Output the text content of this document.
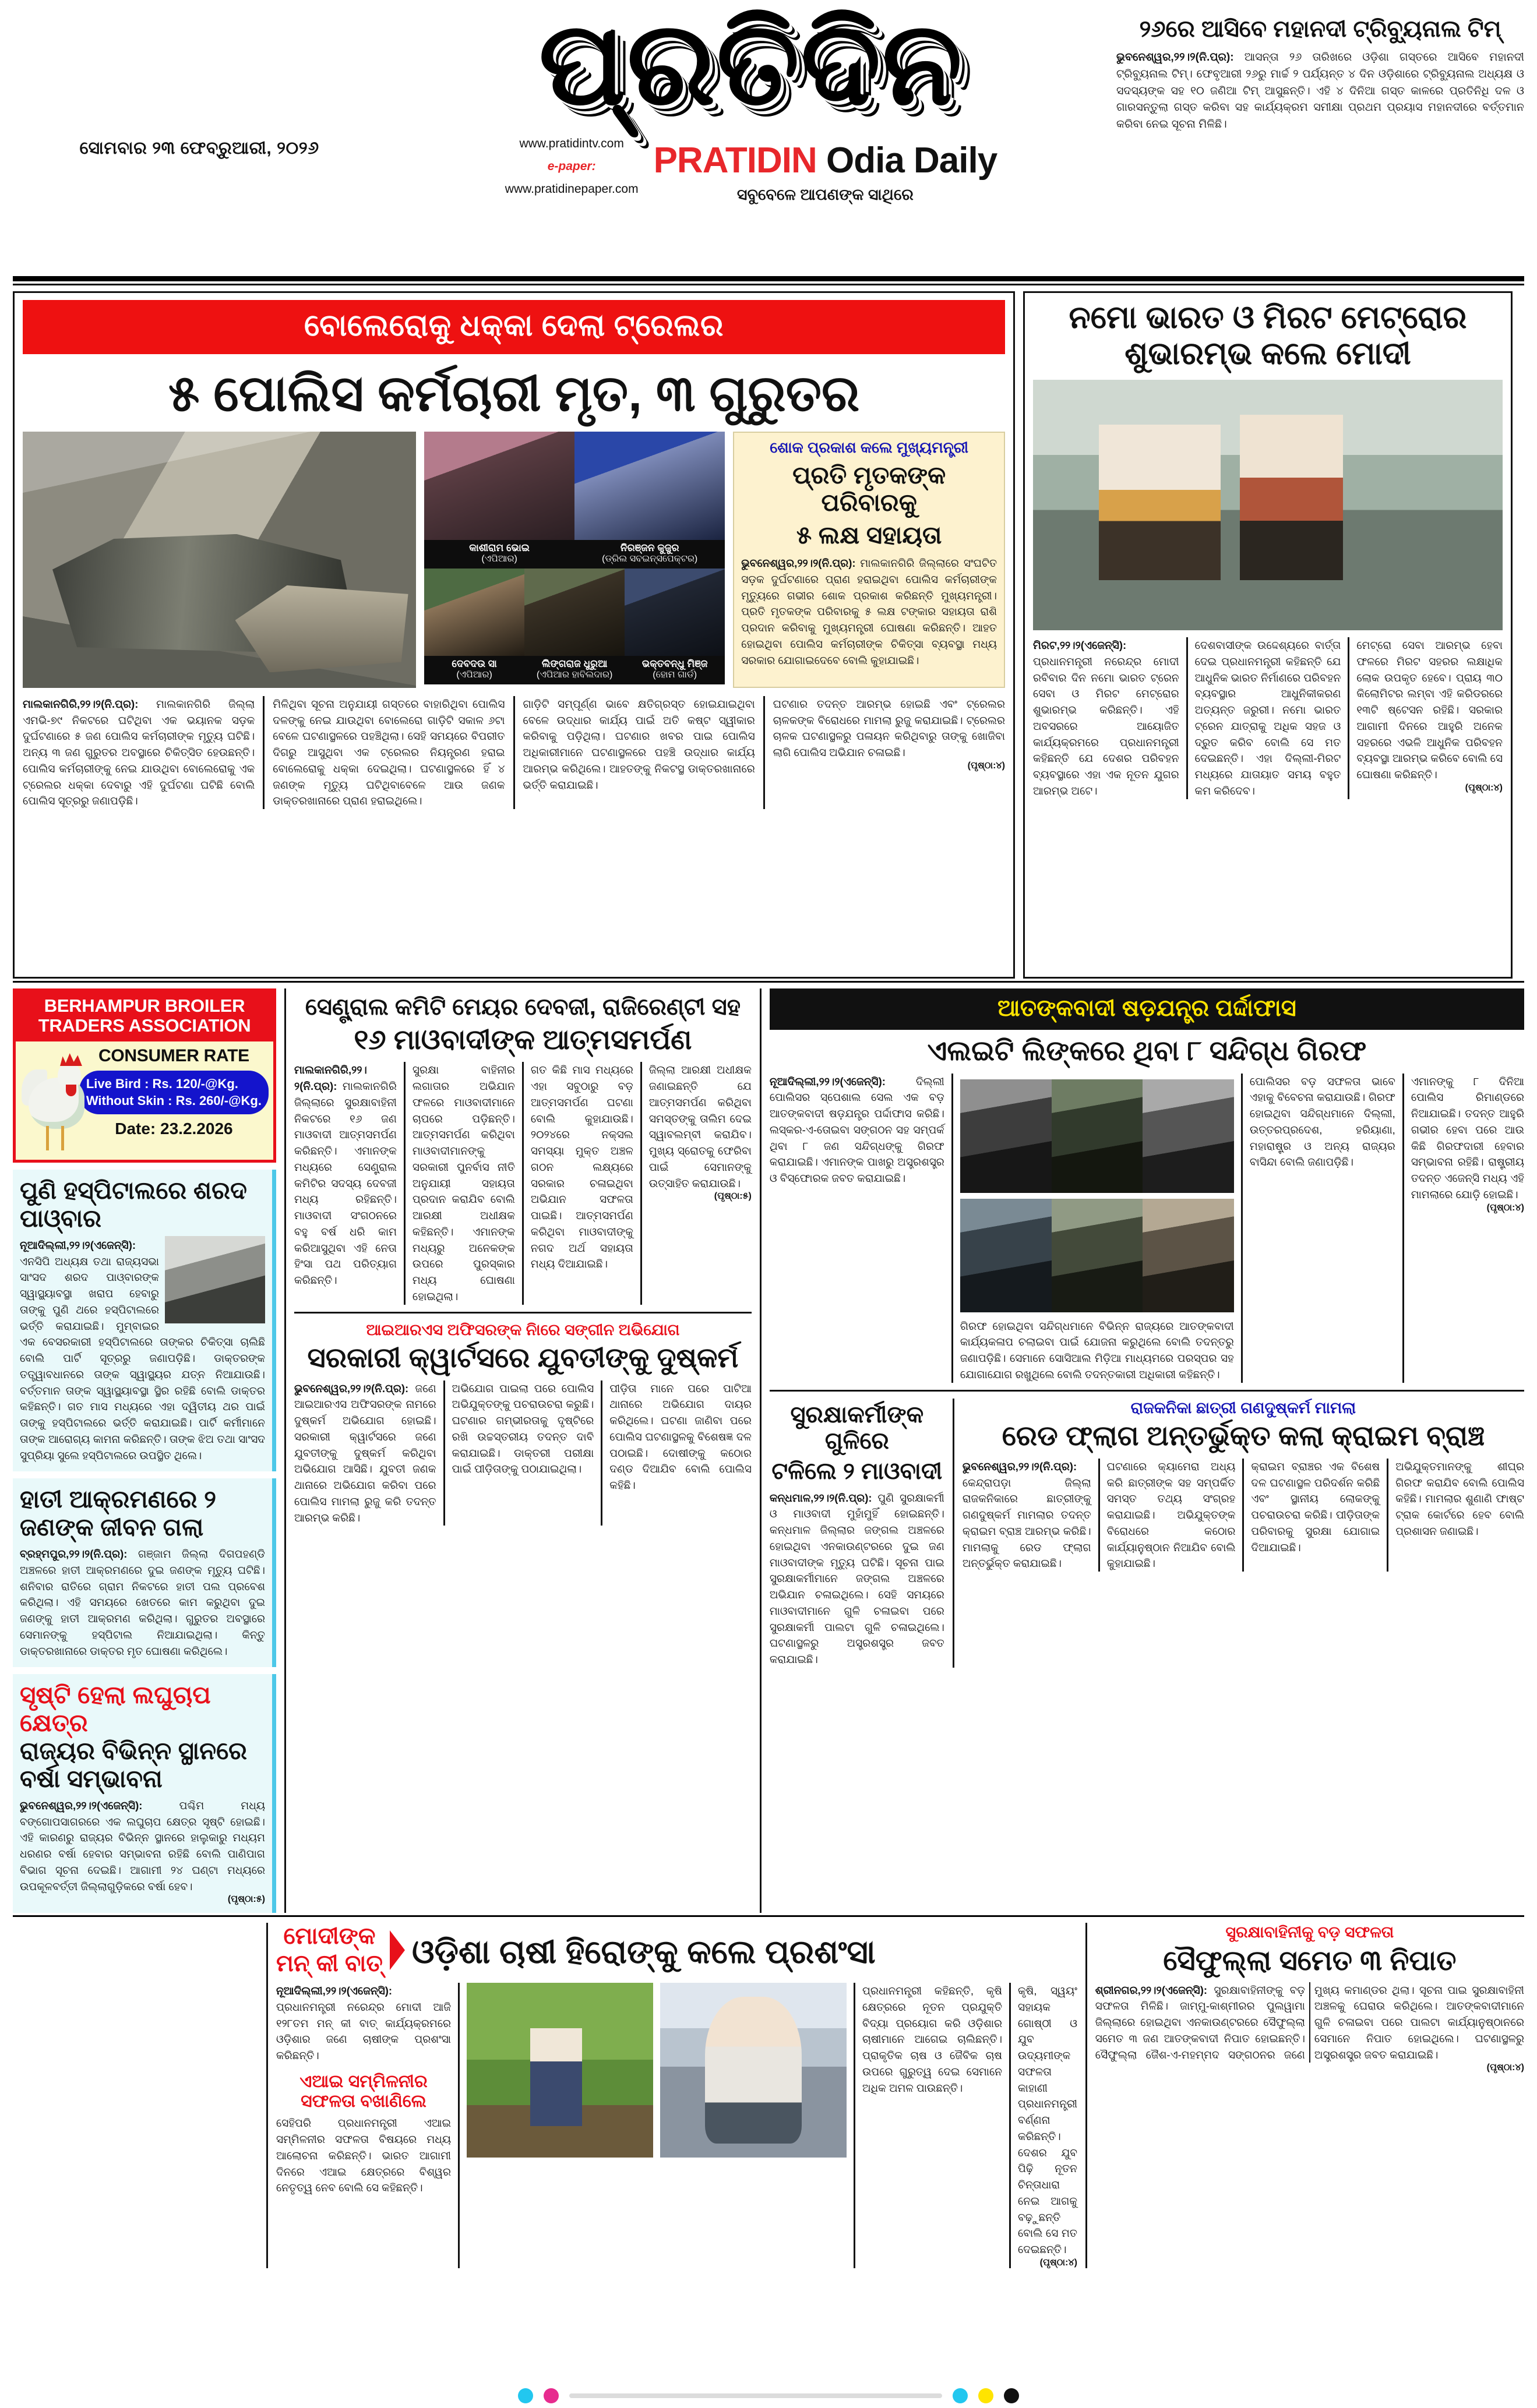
ସୋମବାର ୨୩ ଫେବ୍ରୁଆରୀ, ୨୦୨୬
ପ୍ରତିଦିନ
www.pratidintv.com
e-paper:
www.pratidinepaper.com
PRATIDIN Odia Daily
ସବୁବେଳେ ଆପଣଙ୍କ ସାଥିରେ
୨୬ରେ ଆସିବେ ମହାନଦୀ ଟ୍ରିବ୍ୟୁନାଲ ଟିମ୍
ଭୁବନେଶ୍ୱର,୨୨।୨(ନି.ପ୍ର): ଆସନ୍ତା ୨୬ ତାରିଖରେ ଓଡ଼ିଶା ଗସ୍ତରେ ଆସିବେ ମହାନଦୀ ଟ୍ରିବ୍ୟୁନାଲ ଟିମ୍। ଫେବୃଆରୀ ୨୬ରୁ ମାର୍ଚ୍ଚ ୨ ପର୍ଯ୍ୟନ୍ତ ୪ ଦିନ ଓଡ଼ିଶାରେ ଟ୍ରିବ୍ୟୁନାଲ ଅଧ୍ୟକ୍ଷ ଓ ସଦସ୍ୟଙ୍କ ସହ ୧୦ ଜଣିଆ ଟିମ୍ ଆସୁଛନ୍ତି। ଏହି ୪ ଦିନିଆ ଗସ୍ତ କାଳରେ ପ୍ରତିନିଧି ଦଳ ଓ ଗାରସନ୍ତୁଲା ଗସ୍ତ କରିବା ସହ କାର୍ଯ୍ୟକ୍ରମ ସମୀକ୍ଷା ପ୍ରଥମ ପ୍ରୟାସ ମହାନଦୀରେ ବର୍ତ୍ତମାନ କରିବା ନେଇ ସୂଚନା ମିଳିଛି।
ବୋଲେରୋକୁ ଧକ୍କା ଦେଲା ଟ୍ରେଲର
୫ ପୋଲିସ କର୍ମଚାରୀ ମୃତ, ୩ ଗୁରୁତର
କାଶୀରାମ ଭୋଇ
(ଏପିଆର)
ନିରଞ୍ଜନ କୁଜୁର
(ଡ୍ରିଲ ସବଇନ୍ସପେକ୍ଟର)
ଦେବଦଉ ସା
(ଏପିଆର)
ଲିଙ୍ଗରାଜ ଧୁରୁଆ
(ଏପିଆର ହାବିଲଦାର)
ଭକ୍ତବନ୍ଧୁ ମିଞ୍ଜ
(ହୋମ ଗାର୍ଡ)
ଶୋକ ପ୍ରକାଶ କଲେ ମୁଖ୍ୟମନ୍ତ୍ରୀ
ପ୍ରତି ମୃତକଙ୍କ ପରିବାରକୁ
୫ ଲକ୍ଷ ସହାୟତା
ଭୁବନେଶ୍ୱର,୨୨।୨(ନି.ପ୍ର): ମାଲକାନଗିରି ଜିଲ୍ଲାରେ ସଂଘଟିତ ସଡ଼କ ଦୁର୍ଘଟଣାରେ ପ୍ରାଣ ହରାଇଥିବା ପୋଲିସ କର୍ମଚାରୀଙ୍କ ମୃତ୍ୟୁରେ ଗଭୀର ଶୋକ ପ୍ରକାଶ କରିଛନ୍ତି ମୁଖ୍ୟମନ୍ତ୍ରୀ। ପ୍ରତି ମୃତକଙ୍କ ପରିବାରକୁ ୫ ଲକ୍ଷ ଟଙ୍କାର ସହାୟତା ରାଶି ପ୍ରଦାନ କରିବାକୁ ମୁଖ୍ୟମନ୍ତ୍ରୀ ଘୋଷଣା କରିଛନ୍ତି। ଆହତ ହୋଇଥିବା ପୋଲିସ କର୍ମଚାରୀଙ୍କ ଚିକିତ୍ସା ବ୍ୟବସ୍ଥା ମଧ୍ୟ ସରକାର ଯୋଗାଇଦେବେ ବୋଲି କୁହାଯାଇଛି।
ମାଲକାନଗିରି,୨୨।୨(ନି.ପ୍ର): ମାଲକାନଗିରି ଜିଲ୍ଲା ଏମଭି-୭୯ ନିକଟରେ ଘଟିଥିବା ଏକ ଭୟାନକ ସଡ଼କ ଦୁର୍ଘଟଣାରେ ୫ ଜଣ ପୋଲିସ କର୍ମଚାରୀଙ୍କ ମୃତ୍ୟୁ ଘଟିଛି। ଅନ୍ୟ ୩ ଜଣ ଗୁରୁତର ଅବସ୍ଥାରେ ଚିକିତ୍ସିତ ହେଉଛନ୍ତି। ପୋଲିସ କର୍ମଚାରୀଙ୍କୁ ନେଇ ଯାଉଥିବା ବୋଲେରୋକୁ ଏକ ଟ୍ରେଲର ଧକ୍କା ଦେବାରୁ ଏହି ଦୁର୍ଘଟଣା ଘଟିଛି ବୋଲି ପୋଲିସ ସୂତ୍ରରୁ ଜଣାପଡ଼ିଛି।
ମିଳିଥିବା ସୂଚନା ଅନୁଯାୟୀ ଗସ୍ତରେ ବାହାରିଥିବା ପୋଲିସ ଦଳଙ୍କୁ ନେଇ ଯାଉଥିବା ବୋଲେରୋ ଗାଡ଼ିଟି ସକାଳ ୬ଟା ବେଳେ ଘଟଣାସ୍ଥଳରେ ପହଞ୍ଚିଥିଲା। ସେହି ସମୟରେ ବିପରୀତ ଦିଗରୁ ଆସୁଥିବା ଏକ ଟ୍ରେଲର ନିୟନ୍ତ୍ରଣ ହରାଇ ବୋଲେରୋକୁ ଧକ୍କା ଦେଇଥିଲା। ଘଟଣାସ୍ଥଳରେ ହିଁ ୪ ଜଣଙ୍କ ମୃତ୍ୟୁ ଘଟିଥିବାବେଳେ ଆଉ ଜଣକ ଡାକ୍ତରଖାନାରେ ପ୍ରାଣ ହରାଇଥିଲେ।
ଗାଡ଼ିଟି ସମ୍ପୂର୍ଣ୍ଣ ଭାବେ କ୍ଷତିଗ୍ରସ୍ତ ହୋଇଯାଇଥିବା ବେଳେ ଉଦ୍ଧାର କାର୍ଯ୍ୟ ପାଇଁ ଅତି କଷ୍ଟ ସ୍ୱୀକାର କରିବାକୁ ପଡ଼ିଥିଲା। ଘଟଣାର ଖବର ପାଇ ପୋଲିସ ଅଧିକାରୀମାନେ ଘଟଣାସ୍ଥଳରେ ପହଞ୍ଚି ଉଦ୍ଧାର କାର୍ଯ୍ୟ ଆରମ୍ଭ କରିଥିଲେ। ଆହତଙ୍କୁ ନିକଟସ୍ଥ ଡାକ୍ତରଖାନାରେ ଭର୍ତ୍ତି କରାଯାଇଛି।
ଘଟଣାର ତଦନ୍ତ ଆରମ୍ଭ ହୋଇଛି ଏବଂ ଟ୍ରେଲର ଚାଳକଙ୍କ ବିରୋଧରେ ମାମଲା ରୁଜୁ କରାଯାଇଛି। ଟ୍ରେଲର ଚାଳକ ଘଟଣାସ୍ଥଳରୁ ପଳାୟନ କରିଥିବାରୁ ତାଙ୍କୁ ଖୋଜିବା ଲାଗି ପୋଲିସ ଅଭିଯାନ ଚଳାଇଛି।
(ପୃଷ୍ଠା:୪)
ନମୋ ଭାରତ ଓ ମିରଟ ମେଟ୍ରୋର ଶୁଭାରମ୍ଭ କଲେ ମୋଦୀ
ମିରଟ,୨୨।୨(ଏଜେନ୍ସି): ପ୍ରଧାନମନ୍ତ୍ରୀ ନରେନ୍ଦ୍ର ମୋଦୀ ରବିବାର ଦିନ ନମୋ ଭାରତ ଟ୍ରେନ ସେବା ଓ ମିରଟ ମେଟ୍ରୋର ଶୁଭାରମ୍ଭ କରିଛନ୍ତି। ଏହି ଅବସରରେ ଆୟୋଜିତ କାର୍ଯ୍ୟକ୍ରମରେ ପ୍ରଧାନମନ୍ତ୍ରୀ କହିଛନ୍ତି ଯେ ଦେଶର ପରିବହନ ବ୍ୟବସ୍ଥାରେ ଏହା ଏକ ନୂତନ ଯୁଗର ଆରମ୍ଭ ଅଟେ।
ଦେଶବାସୀଙ୍କ ଉଦ୍ଦେଶ୍ୟରେ ବାର୍ତ୍ତା ଦେଇ ପ୍ରଧାନମନ୍ତ୍ରୀ କହିଛନ୍ତି ଯେ ଆଧୁନିକ ଭାରତ ନିର୍ମାଣରେ ପରିବହନ ବ୍ୟବସ୍ଥାର ଆଧୁନିକୀକରଣ ଅତ୍ୟନ୍ତ ଜରୁରୀ। ନମୋ ଭାରତ ଟ୍ରେନ ଯାତ୍ରାକୁ ଅଧିକ ସହଜ ଓ ଦ୍ରୁତ କରିବ ବୋଲି ସେ ମତ ଦେଇଛନ୍ତି। ଏହା ଦିଲ୍ଲୀ-ମିରଟ ମଧ୍ୟରେ ଯାତାୟାତ ସମୟ ବହୁତ କମ କରିଦେବ।
ମେଟ୍ରୋ ସେବା ଆରମ୍ଭ ହେବା ଫଳରେ ମିରଟ ସହରର ଲକ୍ଷାଧିକ ଲୋକ ଉପକୃତ ହେବେ। ପ୍ରାୟ ୩୦ କିଲୋମିଟର ଲମ୍ବା ଏହି କରିଡରରେ ୧୩ଟି ଷ୍ଟେସନ ରହିଛି। ସରକାର ଆଗାମୀ ଦିନରେ ଆହୁରି ଅନେକ ସହରରେ ଏଭଳି ଆଧୁନିକ ପରିବହନ ବ୍ୟବସ୍ଥା ଆରମ୍ଭ କରିବେ ବୋଲି ସେ ଘୋଷଣା କରିଛନ୍ତି।
(ପୃଷ୍ଠା:୪)
BERHAMPUR BROILER
TRADERS ASSOCIATION
CONSUMER RATE
Live Bird : Rs. 120/-@Kg.
Without Skin : Rs. 260/-@Kg.
Date: 23.2.2026
ପୁଣି ହସ୍ପିଟାଲରେ ଶରଦ ପାଓ୍ବାର
ନୂଆଦିଲ୍ଲୀ,୨୨।୨(ଏଜେନ୍ସି): ଏନସିପି ଅଧ୍ୟକ୍ଷ ତଥା ରାଜ୍ୟସଭା ସାଂସଦ ଶରଦ ପାଓ୍ବାରଙ୍କ ସ୍ୱାସ୍ଥ୍ୟାବସ୍ଥା ଖରାପ ହେବାରୁ ତାଙ୍କୁ ପୁଣି ଥରେ ହସ୍ପିଟାଲରେ ଭର୍ତ୍ତି କରାଯାଇଛି। ମୁମ୍ବାଇର ଏକ ବେସରକାରୀ ହସ୍ପିଟାଲରେ ତାଙ୍କର ଚିକିତ୍ସା ଚାଲିଛି ବୋଲି ପାର୍ଟି ସୂତ୍ରରୁ ଜଣାପଡ଼ିଛି। ଡାକ୍ତରଙ୍କ ତତ୍ତ୍ୱାବଧାନରେ ତାଙ୍କ ସ୍ୱାସ୍ଥ୍ୟର ଯତ୍ନ ନିଆଯାଉଛି। ବର୍ତ୍ତମାନ ତାଙ୍କ ସ୍ୱାସ୍ଥ୍ୟାବସ୍ଥା ସ୍ଥିର ରହିଛି ବୋଲି ଡାକ୍ତର କହିଛନ୍ତି। ଗତ ମାସ ମଧ୍ୟରେ ଏହା ଦ୍ୱିତୀୟ ଥର ପାଇଁ ତାଙ୍କୁ ହସ୍ପିଟାଲରେ ଭର୍ତ୍ତି କରାଯାଇଛି। ପାର୍ଟି କର୍ମୀମାନେ ତାଙ୍କ ଆରୋଗ୍ୟ କାମନା କରିଛନ୍ତି। ତାଙ୍କ ଝିଅ ତଥା ସାଂସଦ ସୁପ୍ରିୟା ସୁଲେ ହସ୍ପିଟାଲରେ ଉପସ୍ଥିତ ଥିଲେ।
ହାତୀ ଆକ୍ରମଣରେ ୨ ଜଣଙ୍କ ଜୀବନ ଗଲା
ବ୍ରହ୍ମପୁର,୨୨।୨(ନି.ପ୍ର): ଗଞ୍ଜାମ ଜିଲ୍ଲା ଦିଗପହଣ୍ଡି ଅଞ୍ଚଳରେ ହାତୀ ଆକ୍ରମଣରେ ଦୁଇ ଜଣଙ୍କ ମୃତ୍ୟୁ ଘଟିଛି। ଶନିବାର ରାତିରେ ଗ୍ରାମ ନିକଟରେ ହାତୀ ପଲ ପ୍ରବେଶ କରିଥିଲା। ଏହି ସମୟରେ ଖେତରେ କାମ କରୁଥିବା ଦୁଇ ଜଣଙ୍କୁ ହାତୀ ଆକ୍ରମଣ କରିଥିଲା। ଗୁରୁତର ଅବସ୍ଥାରେ ସେମାନଙ୍କୁ ହସ୍ପିଟାଲ ନିଆଯାଇଥିଲା। କିନ୍ତୁ ଡାକ୍ତରଖାନାରେ ଡାକ୍ତର ମୃତ ଘୋଷଣା କରିଥିଲେ।
ସୃଷ୍ଟି ହେଲା ଲଘୁଚାପ କ୍ଷେତ୍ର
ରାଜ୍ୟର ବିଭିନ୍ନ ସ୍ଥାନରେ ବର୍ଷା ସମ୍ଭାବନା
ଭୁବନେଶ୍ୱର,୨୨।୨(ଏଜେନ୍ସି):	ପଶ୍ଚିମ ମଧ୍ୟ ବଙ୍ଗୋପସାଗରରେ ଏକ ଲଘୁଚାପ କ୍ଷେତ୍ର ସୃଷ୍ଟି ହୋଇଛି। ଏହି କାରଣରୁ ରାଜ୍ୟର ବିଭିନ୍ନ ସ୍ଥାନରେ ହାଲୁକାରୁ ମଧ୍ୟମ ଧରଣର ବର୍ଷା ହେବାର ସମ୍ଭାବନା ରହିଛି ବୋଲି ପାଣିପାଗ ବିଭାଗ ସୂଚନା ଦେଇଛି। ଆଗାମୀ ୨୪ ଘଣ୍ଟା ମଧ୍ୟରେ ଉପକୂଳବର୍ତ୍ତୀ ଜିଲ୍ଲାଗୁଡ଼ିକରେ ବର୍ଷା ହେବ।
(ପୃଷ୍ଠା:୫)
ସେଣ୍ଟ୍ରାଲ କମିଟି ମେୟର ଦେବଜୀ, ରାଜିରେଣ୍ଟୀ ସହ
୧୬ ମାଓବାଦୀଙ୍କ ଆତ୍ମସମର୍ପଣ
ମାଲକାନଗିରି,୨୨।୨(ନି.ପ୍ର): ମାଲକାନଗିରି ଜିଲ୍ଲାରେ ସୁରକ୍ଷାବାହିନୀ ନିକଟରେ ୧୬ ଜଣ ମାଓବାଦୀ ଆତ୍ମସମର୍ପଣ କରିଛନ୍ତି। ଏମାନଙ୍କ ମଧ୍ୟରେ ସେଣ୍ଟ୍ରାଲ କମିଟିର ସଦସ୍ୟ ଦେବଜୀ ମଧ୍ୟ ରହିଛନ୍ତି। ମାଓବାଦୀ ସଂଗଠନରେ ବହୁ ବର୍ଷ ଧରି କାମ କରିଆସୁଥିବା ଏହି ନେତା ହିଂସା ପଥ ପରିତ୍ୟାଗ କରିଛନ୍ତି।
ସୁରକ୍ଷା ବାହିନୀର ଲଗାତାର ଅଭିଯାନ ଫଳରେ ମାଓବାଦୀମାନେ ଚାପରେ ପଡ଼ିଛନ୍ତି। ଆତ୍ମସମର୍ପଣ କରିଥିବା ମାଓବାଦୀମାନଙ୍କୁ ସରକାରୀ ପୁନର୍ବାସ ନୀତି ଅନୁଯାୟୀ ସହାୟତା ପ୍ରଦାନ କରାଯିବ ବୋଲି ଆରକ୍ଷୀ ଅଧୀକ୍ଷକ କହିଛନ୍ତି। ଏମାନଙ୍କ ମଧ୍ୟରୁ ଅନେକଙ୍କ ଉପରେ ପୁରସ୍କାର ମଧ୍ୟ ଘୋଷଣା ହୋଇଥିଲା।
ଗତ କିଛି ମାସ ମଧ୍ୟରେ ଏହା ସବୁଠାରୁ ବଡ଼ ଆତ୍ମସମର୍ପଣ ଘଟଣା ବୋଲି କୁହାଯାଉଛି। ୨୦୨୪ରେ ନକ୍ସଲ ସମସ୍ୟା ମୁକ୍ତ ଅଞ୍ଚଳ ଗଠନ ଲକ୍ଷ୍ୟରେ ସରକାର ଚଳାଇଥିବା ଅଭିଯାନ ସଫଳତା ପାଇଛି। ଆତ୍ମସମର୍ପଣ କରିଥିବା ମାଓବାଦୀଙ୍କୁ ନଗଦ ଅର୍ଥ ସହାୟତା ମଧ୍ୟ ଦିଆଯାଇଛି।
ଜିଲ୍ଲା ଆରକ୍ଷୀ ଅଧୀକ୍ଷକ ଜଣାଇଛନ୍ତି ଯେ ଆତ୍ମସମର୍ପଣ କରିଥିବା ସମସ୍ତଙ୍କୁ ତାଲିମ ଦେଇ ସ୍ୱାବଲମ୍ବୀ କରାଯିବ। ମୁଖ୍ୟ ସ୍ରୋତକୁ ଫେରିବା ପାଇଁ ସେମାନଙ୍କୁ ଉତ୍ସାହିତ କରାଯାଉଛି।
(ପୃଷ୍ଠା:୫)
ଆଇଆରଏସ ଅଫିସରଙ୍କ ନାିରେ ସଙ୍ଗୀନ ଅଭିଯୋଗ
ସରକାରୀ କ୍ୱାର୍ଟସରେ ଯୁବତୀଙ୍କୁ ଦୁଷ୍କର୍ମ
ଭୁବନେଶ୍ୱର,୨୨।୨(ନି.ପ୍ର): ଜଣେ ଆଇଆରଏସ ଅଫିସରଙ୍କ ନାମରେ ଦୁଷ୍କର୍ମ ଅଭିଯୋଗ ହୋଇଛି। ସରକାରୀ କ୍ୱାର୍ଟସରେ ଜଣେ ଯୁବତୀଙ୍କୁ ଦୁଷ୍କର୍ମ କରିଥିବା ଅଭିଯୋଗ ଆସିଛି। ଯୁବତୀ ଜଣକ ଥାନାରେ ଅଭିଯୋଗ କରିବା ପରେ ପୋଲିସ ମାମଲା ରୁଜୁ କରି ତଦନ୍ତ ଆରମ୍ଭ କରିଛି।
ଅଭିଯୋଗ ପାଇଲା ପରେ ପୋଲିସ ଅଭିଯୁକ୍ତଙ୍କୁ ପଚରାଉଚରା କରୁଛି। ଘଟଣାର ଗମ୍ଭୀରତାକୁ ଦୃଷ୍ଟିରେ ରଖି ଉଚ୍ଚସ୍ତରୀୟ ତଦନ୍ତ ଦାବି କରାଯାଇଛି। ଡାକ୍ତରୀ ପରୀକ୍ଷା ପାଇଁ ପୀଡ଼ିତାଙ୍କୁ ପଠାଯାଇଥିଲା।
ପୀଡ଼ିତା ମାନେ ପରେ ପାଟିଆ ଥାନାରେ ଅଭିଯୋଗ ଦାୟର କରିଥିଲେ। ଘଟଣା ଜାଣିବା ପରେ ପୋଲିସ ଘଟଣାସ୍ଥଳକୁ ବିଶେଷଜ୍ଞ ଦଳ ପଠାଇଛି। ଦୋଷୀଙ୍କୁ କଠୋର ଦଣ୍ଡ ଦିଆଯିବ ବୋଲି ପୋଲିସ କହିଛି।
ଆତଙ୍କବାଦୀ ଷଡ଼ଯନ୍ତ୍ର ପର୍ଦ୍ଦାଫାସ
ଏଲଇଟି ଲିଙ୍କରେ ଥିବା ୮ ସନ୍ଦିଗ୍ଧ ଗିରଫ
ନୂଆଦିଲ୍ଲୀ,୨୨।୨(ଏଜେନ୍ସି):	ଦିଲ୍ଲୀ ପୋଲିସର ସ୍ପେଶାଲ ସେଲ ଏକ ବଡ଼ ଆତଙ୍କବାଦୀ ଷଡ଼ଯନ୍ତ୍ର ପର୍ଦ୍ଦାଫାସ କରିଛି। ଲସ୍କର-ଏ-ତୋଇବା ସଙ୍ଗଠନ ସହ ସମ୍ପର୍କ ଥିବା ୮ ଜଣ ସନ୍ଦିଗ୍ଧଙ୍କୁ ଗିରଫ କରାଯାଇଛି। ଏମାନଙ୍କ ପାଖରୁ ଅସ୍ତ୍ରଶସ୍ତ୍ର ଓ ବିସ୍ଫୋରକ ଜବତ କରାଯାଇଛି।
ଗିରଫ ହୋଇଥିବା ସନ୍ଦିଗ୍ଧମାନେ ବିଭିନ୍ନ ରାଜ୍ୟରେ ଆତଙ୍କବାଦୀ କାର୍ଯ୍ୟକଳାପ ଚଲାଇବା ପାଇଁ ଯୋଜନା କରୁଥିଲେ ବୋଲି ତଦନ୍ତରୁ ଜଣାପଡ଼ିଛି। ସେମାନେ ସୋସିଆଲ ମିଡ଼ିଆ ମାଧ୍ୟମରେ ପରସ୍ପର ସହ ଯୋଗାଯୋଗ ରଖୁଥିଲେ ବୋଲି ତଦନ୍ତକାରୀ ଅଧିକାରୀ କହିଛନ୍ତି।
ପୋଲିସର ବଡ଼ ସଫଳତା ଭାବେ ଏହାକୁ ବିବେଚନା କରାଯାଉଛି। ଗିରଫ ହୋଇଥିବା ସନ୍ଦିଗ୍ଧମାନେ ଦିଲ୍ଲୀ, ଉତ୍ତରପ୍ରଦେଶ, ହରିୟାଣା, ମହାରାଷ୍ଟ୍ର ଓ ଅନ୍ୟ ରାଜ୍ୟର ବାସିନ୍ଦା ବୋଲି ଜଣାପଡ଼ିଛି।
ଏମାନଙ୍କୁ ୮ ଦିନିଆ ପୋଲିସ ରିମାଣ୍ଡରେ ନିଆଯାଇଛି। ତଦନ୍ତ ଆହୁରି ଗଭୀର ହେବା ପରେ ଆଉ କିଛି ଗିରଫଦାରୀ ହେବାର ସମ୍ଭାବନା ରହିଛି। ରାଷ୍ଟ୍ରୀୟ ତଦନ୍ତ ଏଜେନ୍ସି ମଧ୍ୟ ଏହି ମାମଲାରେ ଯୋଡ଼ି ହୋଇଛି।
(ପୃଷ୍ଠା:୪)
ସୁରକ୍ଷାକର୍ମୀଙ୍କ ଗୁଳିରେ
ଟଳିଲେ ୨ ମାଓବାଦୀ
କନ୍ଧମାଳ,୨୨।୨(ନି.ପ୍ର): ପୁଣି ସୁରକ୍ଷାକର୍ମୀ ଓ ମାଓବାଦୀ ମୁହାଁମୁହିଁ ହୋଇଛନ୍ତି। କନ୍ଧମାଳ ଜିଲ୍ଲାର ଜଙ୍ଗଲ ଅଞ୍ଚଳରେ ହୋଇଥିବା ଏନକାଉଣ୍ଟରରେ ଦୁଇ ଜଣ ମାଓବାଦୀଙ୍କ ମୃତ୍ୟୁ ଘଟିଛି। ସୂଚନା ପାଇ ସୁରକ୍ଷାକର୍ମୀମାନେ ଜଙ୍ଗଲ ଅଞ୍ଚଳରେ ଅଭିଯାନ ଚଳାଇଥିଲେ। ସେହି ସମୟରେ ମାଓବାଦୀମାନେ ଗୁଳି ଚଳାଇବା ପରେ ସୁରକ୍ଷାକର୍ମୀ ପାଲଟା ଗୁଳି ଚଳାଇଥିଲେ। ଘଟଣାସ୍ଥଳରୁ ଅସ୍ତ୍ରଶସ୍ତ୍ର ଜବତ କରାଯାଇଛି।
ରାଜକନିକା ଛାତ୍ରୀ ଗଣଦୁଷ୍କର୍ମ ମାମଲା
ରେଡ ଫ୍ଲାଗ ଅନ୍ତର୍ଭୁକ୍ତ କଲା କ୍ରାଇମ ବ୍ରାଞ୍ଚ
ଭୁବନେଶ୍ୱର,୨୨।୨(ନି.ପ୍ର): କେନ୍ଦ୍ରାପଡ଼ା ଜିଲ୍ଲା ରାଜକନିକାରେ ଛାତ୍ରୀଙ୍କୁ ଗଣଦୁଷ୍କର୍ମ ମାମଲାର ତଦନ୍ତ କ୍ରାଇମ ବ୍ରାଞ୍ଚ ଆରମ୍ଭ କରିଛି। ମାମଲାକୁ ରେଡ ଫ୍ଲାଗ ଅନ୍ତର୍ଭୁକ୍ତ କରାଯାଇଛି।
ଘଟଣାରେ କ୍ୟାମେରା ଅଧ୍ୟ କରି ଛାତ୍ରୀଙ୍କ ସହ ସମ୍ପର୍କିତ ସମସ୍ତ ତଥ୍ୟ ସଂଗ୍ରହ କରାଯାଇଛି। ଅଭିଯୁକ୍ତଙ୍କ ବିରୋଧରେ କଠୋର କାର୍ଯ୍ୟାନୁଷ୍ଠାନ ନିଆଯିବ ବୋଲି କୁହାଯାଇଛି।
କ୍ରାଇମ ବ୍ରାଞ୍ଚର ଏକ ବିଶେଷ ଦଳ ଘଟଣାସ୍ଥଳ ପରିଦର୍ଶନ କରିଛି ଏବଂ ସ୍ଥାନୀୟ ଲୋକଙ୍କୁ ପଚରାଉଚରା କରିଛି। ପୀଡ଼ିତାଙ୍କ ପରିବାରକୁ ସୁରକ୍ଷା ଯୋଗାଇ ଦିଆଯାଇଛି।
ଅଭିଯୁକ୍ତମାନଙ୍କୁ ଶୀଘ୍ର ଗିରଫ କରାଯିବ ବୋଲି ପୋଲିସ କହିଛି। ମାମଲାର ଶୁଣାଣି ଫାଷ୍ଟ ଟ୍ରାକ କୋର୍ଟରେ ହେବ ବୋଲି ପ୍ରଶାସନ ଜଣାଇଛି।
ମୋଦୀଙ୍କ
ମନ୍ କୀ ବାତ୍ ଓଡ଼ିଶା ଚାଷୀ ହିରୋଙ୍କୁ କଲେ ପ୍ରଶଂସା
ନୂଆଦିଲ୍ଲୀ,୨୨।୨(ଏଜେନ୍ସି): ପ୍ରଧାନମନ୍ତ୍ରୀ ନରେନ୍ଦ୍ର ମୋଦୀ ଆଜି ୧୨୮ତମ ମନ୍ କୀ ବାତ୍ କାର୍ଯ୍ୟକ୍ରମରେ ଓଡ଼ିଶାର ଜଣେ ଚାଷୀଙ୍କ ପ୍ରଶଂସା କରିଛନ୍ତି।
ଏଆଇ ସମ୍ମିଳନୀର ସଫଳତା ବଖାଣିଲେ
ସେହିପରି ପ୍ରଧାନମନ୍ତ୍ରୀ ଏଆଇ ସମ୍ମିଳନୀର ସଫଳତା ବିଷୟରେ ମଧ୍ୟ ଆଲୋଚନା କରିଛନ୍ତି। ଭାରତ ଆଗାମୀ ଦିନରେ ଏଆଇ କ୍ଷେତ୍ରରେ ବିଶ୍ୱର ନେତୃତ୍ୱ ନେବ ବୋଲି ସେ କହିଛନ୍ତି।
ପ୍ରଧାନମନ୍ତ୍ରୀ କହିଛନ୍ତି, କୃଷି କ୍ଷେତ୍ରରେ ନୂତନ ପ୍ରଯୁକ୍ତି ବିଦ୍ୟା ପ୍ରୟୋଗ କରି ଓଡ଼ିଶାର ଚାଷୀମାନେ ଆଗେଇ ଚାଲିଛନ୍ତି। ପ୍ରାକୃତିକ ଚାଷ ଓ ଜୈବିକ ଚାଷ ଉପରେ ଗୁରୁତ୍ୱ ଦେଇ ସେମାନେ ଅଧିକ ଅମଳ ପାଉଛନ୍ତି।
କୃଷି, ସ୍ୱୟଂ ସହାୟକ ଗୋଷ୍ଠୀ ଓ ଯୁବ ଉଦ୍ୟମୀଙ୍କ ସଫଳତା କାହାଣୀ ପ୍ରଧାନମନ୍ତ୍ରୀ ବର୍ଣ୍ଣନା କରିଛନ୍ତି। ଦେଶର ଯୁବ ପିଢ଼ି ନୂତନ ଚିନ୍ତାଧାରା ନେଇ ଆଗକୁ ବଢ଼ୁଛନ୍ତି ବୋଲି ସେ ମତ ଦେଇଛନ୍ତି।
(ପୃଷ୍ଠା:୪)
ସୁରକ୍ଷାବାହିନୀକୁ ବଡ଼ ସଫଳତା
ସୈଫୁଲ୍ଲା ସମେତ ୩ ନିପାତ
ଶ୍ରୀନଗର,୨୨।୨(ଏଜେନ୍ସି): ସୁରକ୍ଷାବାହିନୀଙ୍କୁ ବଡ଼ ସଫଳତା ମିଳିଛି। ଜାମ୍ମୁ-କାଶ୍ମୀରର ପୁଲୱାମା ଜିଲ୍ଲାରେ ହୋଇଥିବା ଏନକାଉଣ୍ଟରରେ ସୈଫୁଲ୍ଲା ସମେତ ୩ ଜଣ ଆତଙ୍କବାଦୀ ନିପାତ ହୋଇଛନ୍ତି। ସୈଫୁଲ୍ଲା ଜୈଶ-ଏ-ମହମ୍ମଦ ସଙ୍ଗଠନର ଜଣେ ମୁଖ୍ୟ କମାଣ୍ଡର ଥିଲା। ସୂଚନା ପାଇ ସୁରକ୍ଷାବାହିନୀ ଅଞ୍ଚଳକୁ ଘେରାଉ କରିଥିଲେ। ଆତଙ୍କବାଦୀମାନେ ଗୁଳି ଚଳାଇବା ପରେ ପାଲଟା କାର୍ଯ୍ୟାନୁଷ୍ଠାନରେ ସେମାନେ ନିପାତ ହୋଇଥିଲେ। ଘଟଣାସ୍ଥଳରୁ ଅସ୍ତ୍ରଶସ୍ତ୍ର ଜବତ କରାଯାଇଛି।
(ପୃଷ୍ଠା:୪)
